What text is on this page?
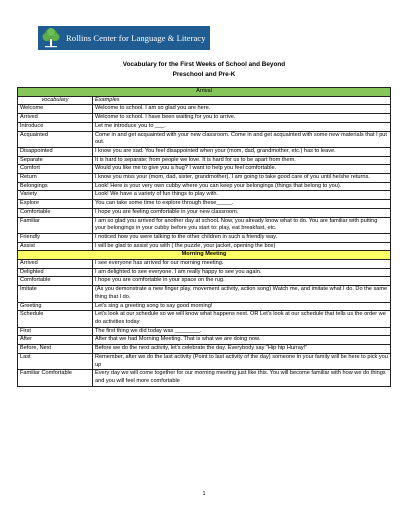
Rollins Center for Language & Literacy
Vocabulary for the First Weeks of School and Beyond
Preschool and Pre-K
Arrival	
vocabulary	Examples
Welcome	Welcome to school. I am so glad you are here.
Arrived	Welcome to school. I have been waiting for you to arrive.
Introduce	Let me introduce you to ___.
Acquainted	Come in and get acquainted with your new classroom. Come in and get acquainted with some new materials that I put out.
Disappointed	I know you are sad. You feel disappointed when your (mom, dad, grandmother, etc.) has to leave.
Separate	It is hard to separate; from people we love. It is hard for us to be apart from them.
Comfort	Would you like me to give you a hug? I want to help you feel comfortable.
Return	I know you miss your (mom, dad, sister, grandmother). I am going to take good care of you until he/she returns.
Belongings	Look! Here is your very own cubby where you can keep your belongings (things that belong to you).
Variety	Look! We have a variety of fun things to play with.
Explore	You can take some time to explore through these_____.
Comfortable	I hope you are feeling comfortable in your new classroom.
Familiar	I am so glad you arrived for another day at school. Now, you already know what to do. You are familiar with putting your belongings in your cubby before you start to: play, eat breakfast, etc.
Friendly	I noticed how you were talking to the other children in such a friendly way.
Assist	I will be glad to assist you with ( the puzzle, your jacket, opening the box)
Morning Meeting	
Arrived	I see everyone has arrived for our morning meeting.
Delighted	I am delighted to see everyone. I am really happy to see you again.
Comfortable	I hope you are comfortable in your space on the rug.
Imitate	(As you demonstrate a new finger play, movement activity, action song) Watch me, and imitate what I do. Do the same thing that I do.
Greeting	Let’s sing a greeting song to say good morning!
Schedule	Let’s look at our schedule so we will know what happens next. OR Let’s look at our schedule that tells us the order we do activities today
First	The first thing we did today was ________.
After	After that we had Morning Meeting. That is what we are doing now.
Before, Next	Before we do the next activity, let’s celebrate the day. Everybody say “Hip hip Hurray!”
Last	Remember, after we do the last activity (Point to last activity of the day) someone in your family will be here to pick you up
Familiar Comfortable	Every day we will come together for our morning meeting just like this. You will become familiar with how we do things and you will feel more comfortable
1
